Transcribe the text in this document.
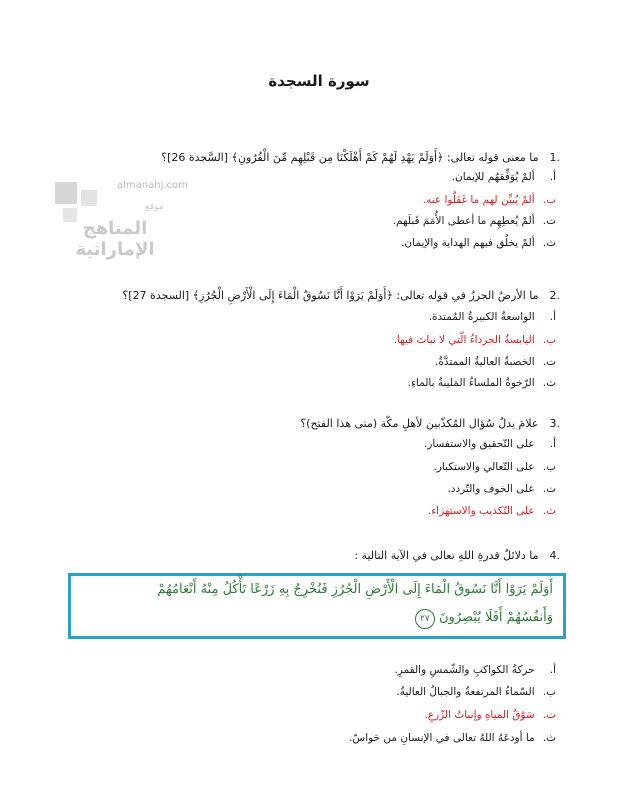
سورة السجدة
almanahj.com
موقع
المناهج الإماراتية
.1 ما معنى قوله تعالى: ﴿أَوَلَمْ يَهْدِ لَهُمْ كَمْ أَهْلَكْنَا مِن قَبْلِهِم مِّنَ الْقُرُونِ﴾ [السَّجدة 26]؟
أ. ألمْ يُوَفِّقهُم للإيمان.
ب. ألمْ يُبيِّن لهم ما غَفَلُوا عنه.
ت. ألمْ يُعطِهِم ما أعطى الأُمَمَ قَبلَهم.
ث. ألمْ يخلُق فيهم الهداية والإيمان.
.2 ما الأرضُ الجرزُ في قوله تعالى: ﴿أَوَلَمْ يَرَوْا أَنَّا نَسُوقُ الْمَاءَ إِلَى الْأَرْضِ الْجُرُزِ﴾ [السجدة 27]؟
أ. الواسعةُ الكبيرةُ المُمتدة.
ب. اليابسةُ الجرداءُ الّتي لا نباتَ فيها.
ت. الخصبةُ العاليةُ الممتدَّةُ.
ث. الرّخوةُ الملساءُ المَلينةُ بالماءِ.
.3 علامَ يدلُ سُؤال المُكذّبين لأهلِ مكّة (متى هذا الفتح)؟
أ. على التّحقيق والاستفسار.
ب. على التّعالي والاستكبار.
ت. على الخوف والتّردد.
ث. على التّكذيب والاستهزاء.
.4 ما دلائلُ قدرةِ اللهِ تعالى في الآية التالية :
أَوَلَمْ يَرَوْا أَنَّا نَسُوقُ الْمَاءَ إِلَى الْأَرْضِ الْجُرُزِ فَنُخْرِجُ بِهِ زَرْعًا تَأْكُلُ مِنْهُ أَنْعَامُهُمْ
وَأَنفُسُهُمْ أَفَلَا يُبْصِرُونَ ٢٧
أ. حركةُ الكواكبِ والشّمسِ والقمرِ.
ب. السّماءُ المرتفعةُ والجبالُ العاليةُ.
ت. سَوْقُ المياهِ وإنباتُ الزّرعِ.
ث. ما أودعَهُ اللهُ تعالى في الإنسانِ من حَواسّ.
